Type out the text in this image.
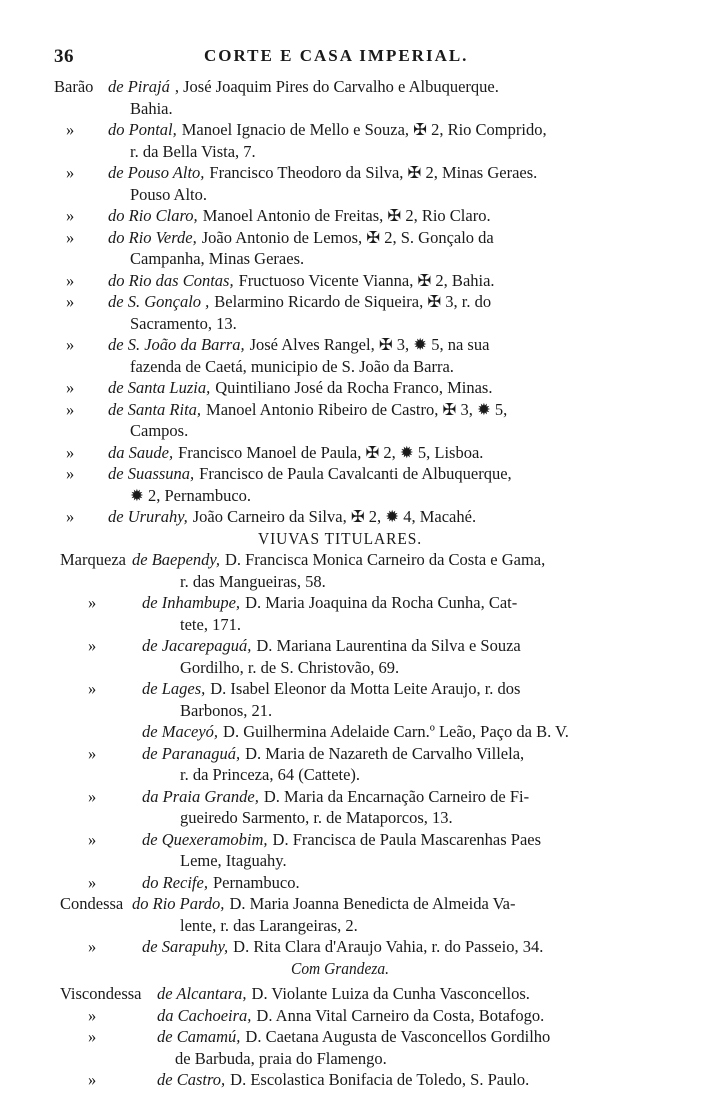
36	CORTE E CASA IMPERIAL.
Barão de Pirajá , José Joaquim Pires do Carvalho e Albuquerque.
Bahia.
» do Pontal, Manoel Ignacio de Mello e Souza, ✠ 2, Rio Comprido,
r. da Bella Vista, 7.
» de Pouso Alto, Francisco Theodoro da Silva, ✠ 2, Minas Geraes.
Pouso Alto.
» do Rio Claro, Manoel Antonio de Freitas, ✠ 2, Rio Claro.
» do Rio Verde, João Antonio de Lemos, ✠ 2, S. Gonçalo da
Campanha, Minas Geraes.
» do Rio das Contas, Fructuoso Vicente Vianna, ✠ 2, Bahia.
» de S. Gonçalo , Belarmino Ricardo de Siqueira, ✠ 3, r. do
Sacramento, 13.
» de S. João da Barra, José Alves Rangel, ✠ 3, ✹ 5, na sua
fazenda de Caetá, municipio de S. João da Barra.
» de Santa Luzia, Quintiliano José da Rocha Franco, Minas.
» de Santa Rita, Manoel Antonio Ribeiro de Castro, ✠ 3, ✹ 5,
Campos.
» da Saude, Francisco Manoel de Paula, ✠ 2, ✹ 5, Lisboa.
» de Suassuna, Francisco de Paula Cavalcanti de Albuquerque,
✹ 2, Pernambuco.
» de Ururahy, João Carneiro da Silva, ✠ 2, ✹ 4, Macahé.
VIUVAS TITULARES.
Marqueza de Baependy, D. Francisca Monica Carneiro da Costa e Gama,
r. das Mangueiras, 58.
»	de Inhambupe, D. Maria Joaquina da Rocha Cunha, Cat-
tete, 171.
»	de Jacarepaguá, D. Mariana Laurentina da Silva e Souza
Gordilho, r. de S. Christovão, 69.
»	de Lages, D. Isabel Eleonor da Motta Leite Araujo, r. dos
Barbonos, 21.
de Maceyó, D. Guilhermina Adelaide Carn.º Leão, Paço da B. V.
»	de Paranaguá, D. Maria de Nazareth de Carvalho Villela,
r. da Princeza, 64 (Cattete).
»	da Praia Grande, D. Maria da Encarnação Carneiro de Fi-
gueiredo Sarmento, r. de Mataporcos, 13.
»	de Quexeramobim, D. Francisca de Paula Mascarenhas Paes
Leme, Itaguahy.
»	do Recife, Pernambuco.
Condessa do Rio Pardo, D. Maria Joanna Benedicta de Almeida Va-
lente, r. das Larangeiras, 2.
»	de Sarapuhy, D. Rita Clara d'Araujo Vahia, r. do Passeio, 34.
Com Grandeza.
Viscondessa de Alcantara, D. Violante Luiza da Cunha Vasconcellos.
»	da Cachoeira, D. Anna Vital Carneiro da Costa, Botafogo.
»	de Camamú, D. Caetana Augusta de Vasconcellos Gordilho
de Barbuda, praia do Flamengo.
»	de Castro, D. Escolastica Bonifacia de Toledo, S. Paulo.
